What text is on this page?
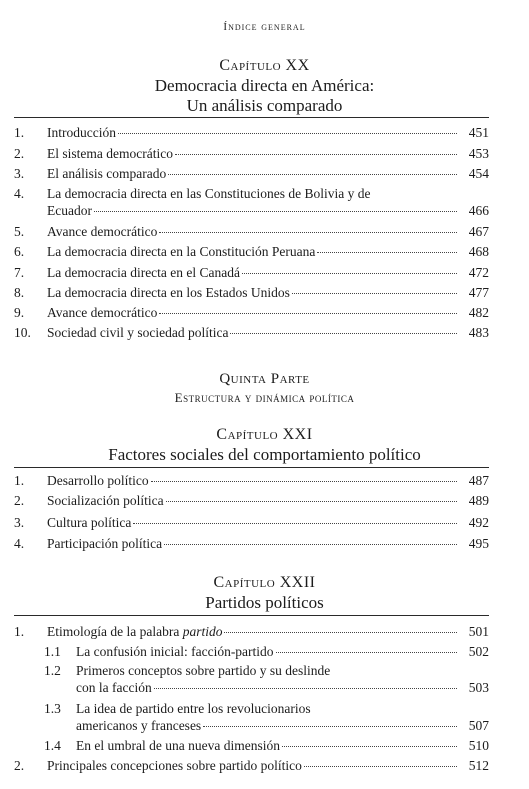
Índice general
Capítulo XX
Democracia directa en América:
Un análisis comparado
1.	Introducción	451
2.	El sistema democrático	453
3.	El análisis comparado	454
4.	La democracia directa en las Constituciones de Bolivia y de
Ecuador	466
5.	Avance democrático	467
6.	La democracia directa en la Constitución Peruana	468
7.	La democracia directa en el Canadá	472
8.	La democracia directa en los Estados Unidos	477
9.	Avance democrático	482
10.	Sociedad civil y sociedad política	483
Quinta Parte
Estructura y dinámica política
Capítulo XXI
Factores sociales del comportamiento político
1.	Desarrollo político	487
2.	Socialización política	489
3.	Cultura política	492
4.	Participación política	495
Capítulo XXII
Partidos políticos
1.	Etimología de la palabra partido	501
1.1	La confusión inicial: facción-partido	502
1.2	Primeros conceptos sobre partido y su deslinde
con la facción	503
1.3	La idea de partido entre los revolucionarios
americanos y franceses	507
1.4	En el umbral de una nueva dimensión	510
2.	Principales concepciones sobre partido político	512
